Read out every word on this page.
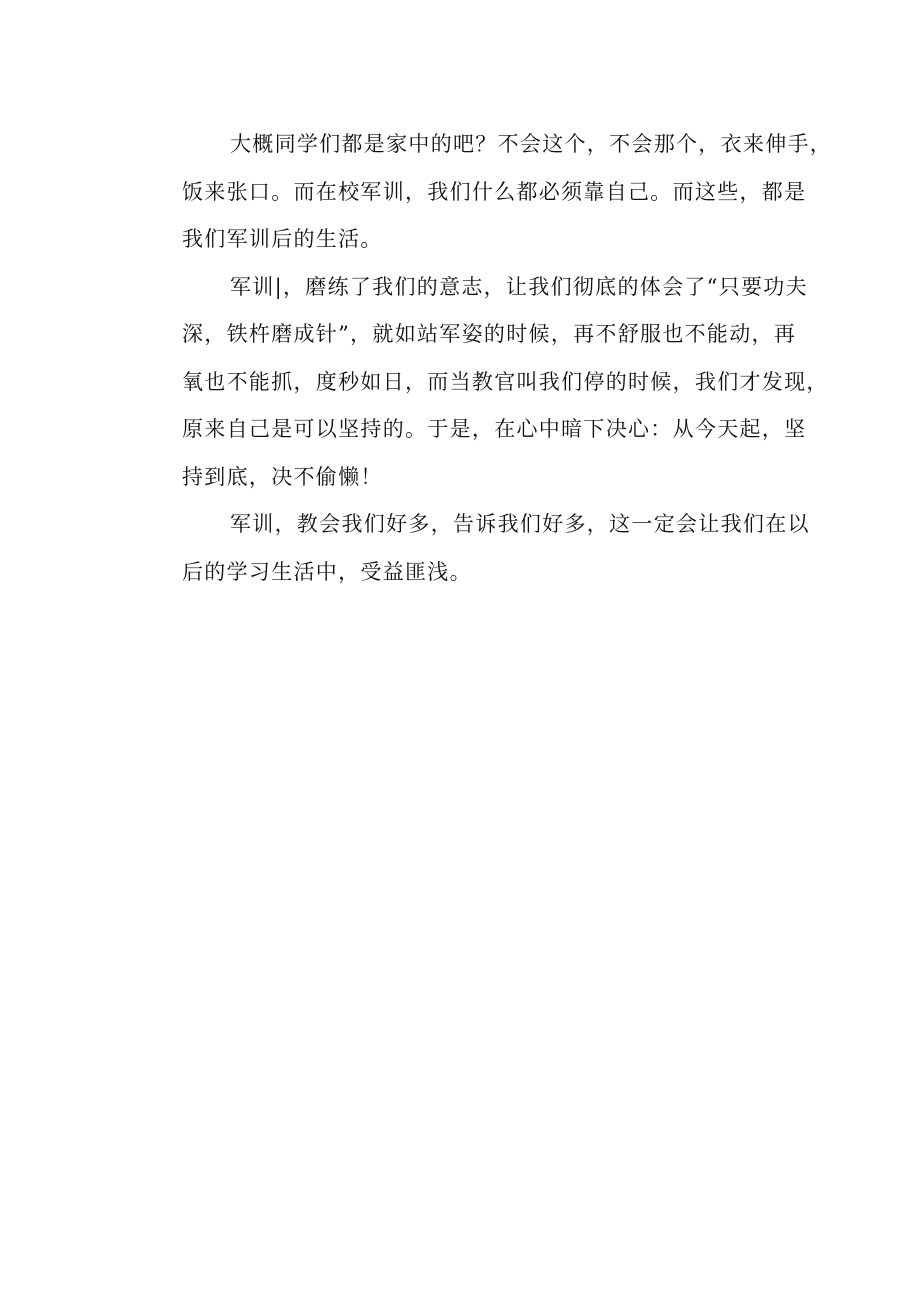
大概同学们都是家中的吧？不会这个，不会那个，衣来伸手，
饭来张口。而在校军训，我们什么都必须靠自己。而这些，都是
我们军训后的生活。
军训|，磨练了我们的意志，让我们彻底的体会了“只要功夫
深，铁杵磨成针”，就如站军姿的时候，再不舒服也不能动，再
氧也不能抓，度秒如日，而当教官叫我们停的时候，我们才发现，
原来自己是可以坚持的。于是，在心中暗下决心：从今天起，坚
持到底，决不偷懒！
军训，教会我们好多，告诉我们好多，这一定会让我们在以
后的学习生活中，受益匪浅。
